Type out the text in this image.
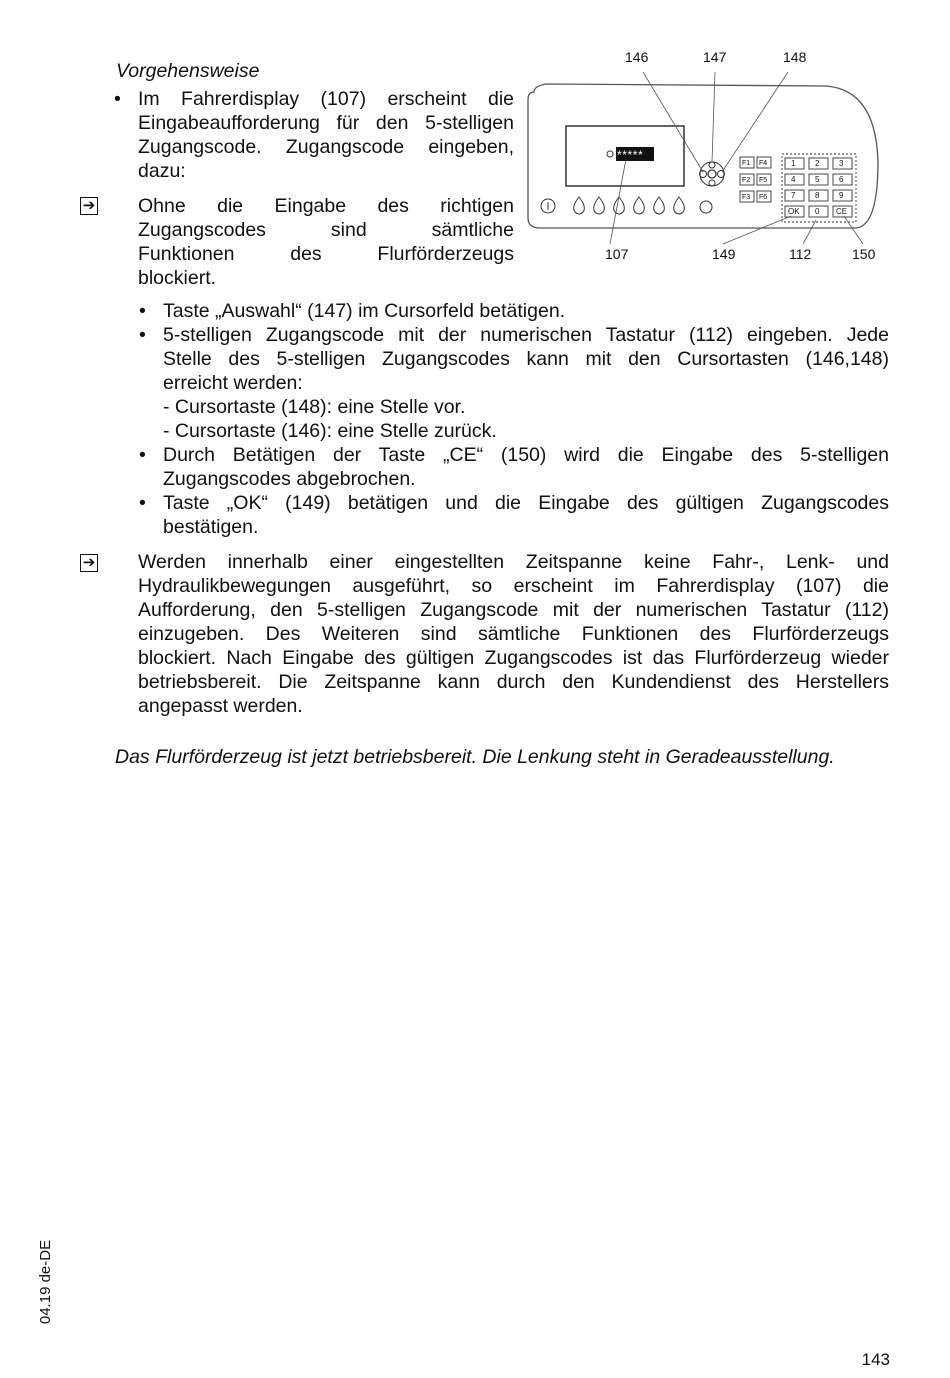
Vorgehensweise
• Im Fahrerdisplay (107) erscheint die
Eingabeaufforderung für den 5-stelligen
Zugangscode. Zugangscode eingeben,
dazu:
➔ Ohne die Eingabe des richtigen
Zugangscodes sind sämtliche
Funktionen des Flurförderzeugs
blockiert.
• Taste „Auswahl“ (147) im Cursorfeld betätigen.
• 5-stelligen Zugangscode mit der numerischen Tastatur (112) eingeben. Jede
Stelle des 5-stelligen Zugangscodes kann mit den Cursortasten (146,148)
erreicht werden:
- Cursortaste (148): eine Stelle vor.
- Cursortaste (146): eine Stelle zurück.
• Durch Betätigen der Taste „CE“ (150) wird die Eingabe des 5-stelligen
Zugangscodes abgebrochen.
• Taste „OK“ (149) betätigen und die Eingabe des gültigen Zugangscodes
bestätigen.
➔ Werden innerhalb einer eingestellten Zeitspanne keine Fahr-, Lenk- und
Hydraulikbewegungen ausgeführt, so erscheint im Fahrerdisplay (107) die
Aufforderung, den 5-stelligen Zugangscode mit der numerischen Tastatur (112)
einzugeben. Des Weiteren sind sämtliche Funktionen des Flurförderzeugs
blockiert. Nach Eingabe des gültigen Zugangscodes ist das Flurförderzeug wieder
betriebsbereit. Die Zeitspanne kann durch den Kundendienst des Herstellers
angepasst werden.
Das Flurförderzeug ist jetzt betriebsbereit. Die Lenkung steht in Geradeausstellung.
146	147	148
107	149	112	150
*****
F1 F4
F2 F5
F3 F6
1 2 3
4 5 6
7 8 9
OK 0 CE
143
04.19 de-DE
